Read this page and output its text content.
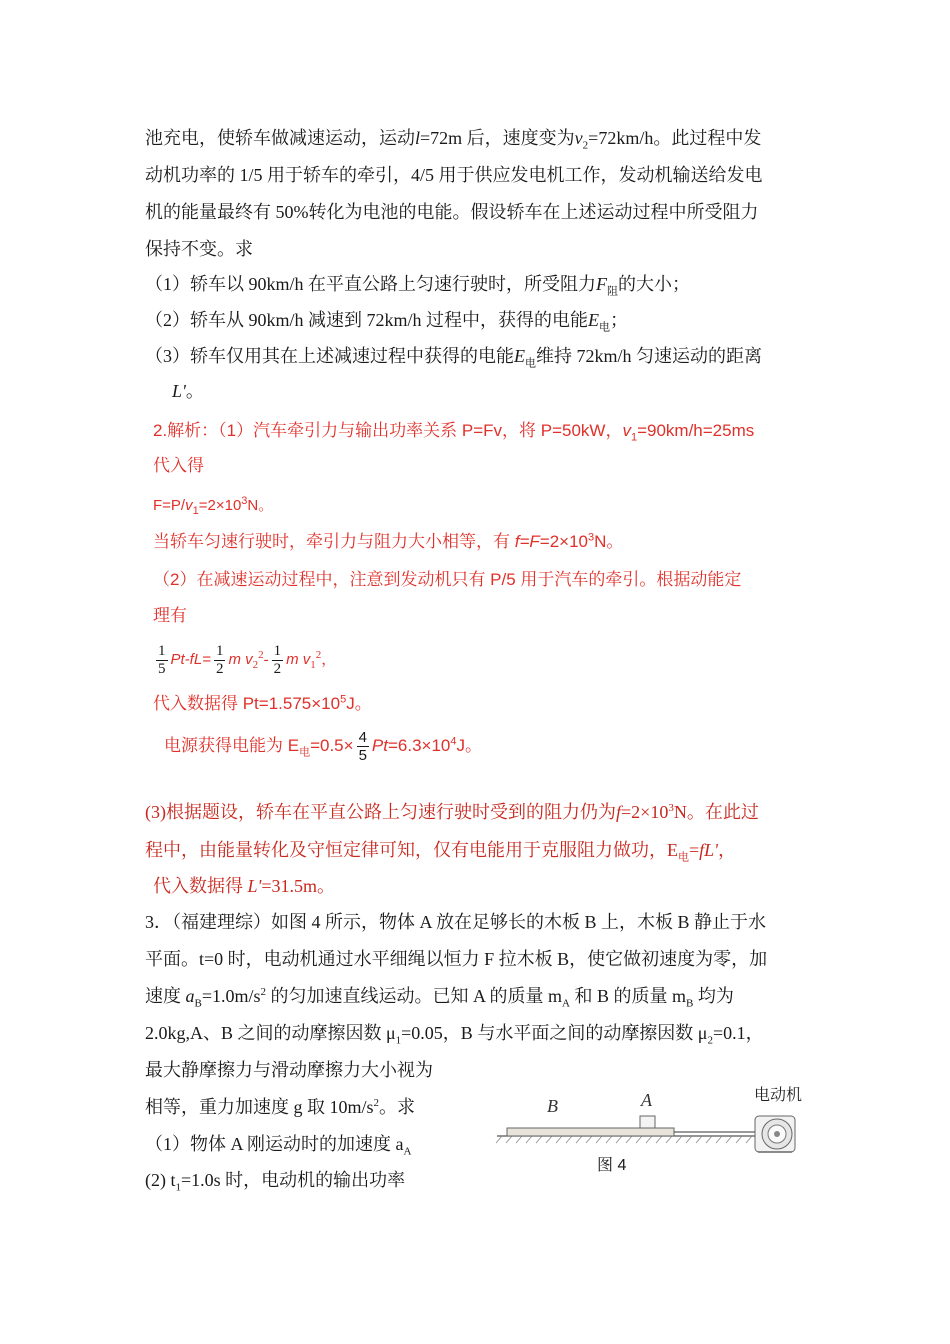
池充电，使轿车做减速运动，运动l=72m 后，速度变为$v_2=72km/h$。此过程中发
动机功率的 1/5 用于轿车的牵引，4/5 用于供应发电机工作，发动机输送给发电
机的能量最终有 50%转化为电池的电能。假设轿车在上述运动过程中所受阻力
保持不变。求
（1）轿车以 90km/h 在平直公路上匀速行驶时，所受阻力$F_阻$的大小；
（2）轿车从 90km/h 减速到 72km/h 过程中，获得的电能$E_电$；
（3）轿车仅用其在上述减速过程中获得的电能$E_电$维持 72km/h 匀速运动的距离
L'。
2.解析：（1）汽车牵引力与输出功率关系 P=Fv，将 P=50kW，$v_1=90km/h=25ms$
代入得
$F=P/v_1=2\times 10^3N$。
当轿车匀速行驶时，牵引力与阻力大小相等，有 $f=F=2\times 10^3N$。
（2）在减速运动过程中，注意到发动机只有 P/5 用于汽车的牵引。根据动能定
理有
$\frac{1}{5} Pt-fL= \frac{1}{2}$ m $v_2^2- \frac{1}{2}$ m $v_1^2$，
代入数据得 $Pt=1.575\times 10^5J$。
电源获得电能为 $E_电=0.5\times \frac{4}{5} Pt=6.3\times 10^4J$。
(3)根据题设，轿车在平直公路上匀速行驶时受到的阻力仍为$f=2\times 10^3N$。在此过
程中，由能量转化及守恒定律可知，仅有电能用于克服阻力做功，$E_电=fL'$，
代入数据得 L'=31.5m。
3．（福建理综）如图 4 所示，物体 A 放在足够长的木板 B 上，木板 B 静止于水
平面。t=0 时，电动机通过水平细绳以恒力 F 拉木板 B，使它做初速度为零，加
速度 $a_B=1.0m/s^2$ 的匀加速直线运动。已知 A 的质量 $m_A$ 和 B 的质量 $m_B$ 均为
2.0kg,A、B 之间的动摩擦因数 $\mu_1=0.05$，B 与水平面之间的动摩擦因数 $\mu_2=0.1$，
最大静摩擦力与滑动摩擦力大小视为
相等，重力加速度 g 取 $10m/s^2$。求
（1）物体 A 刚运动时的加速度 $a_A$
(2) $t_1=1.0s$ 时，电动机的输出功率
B	A	电动机
图 4
